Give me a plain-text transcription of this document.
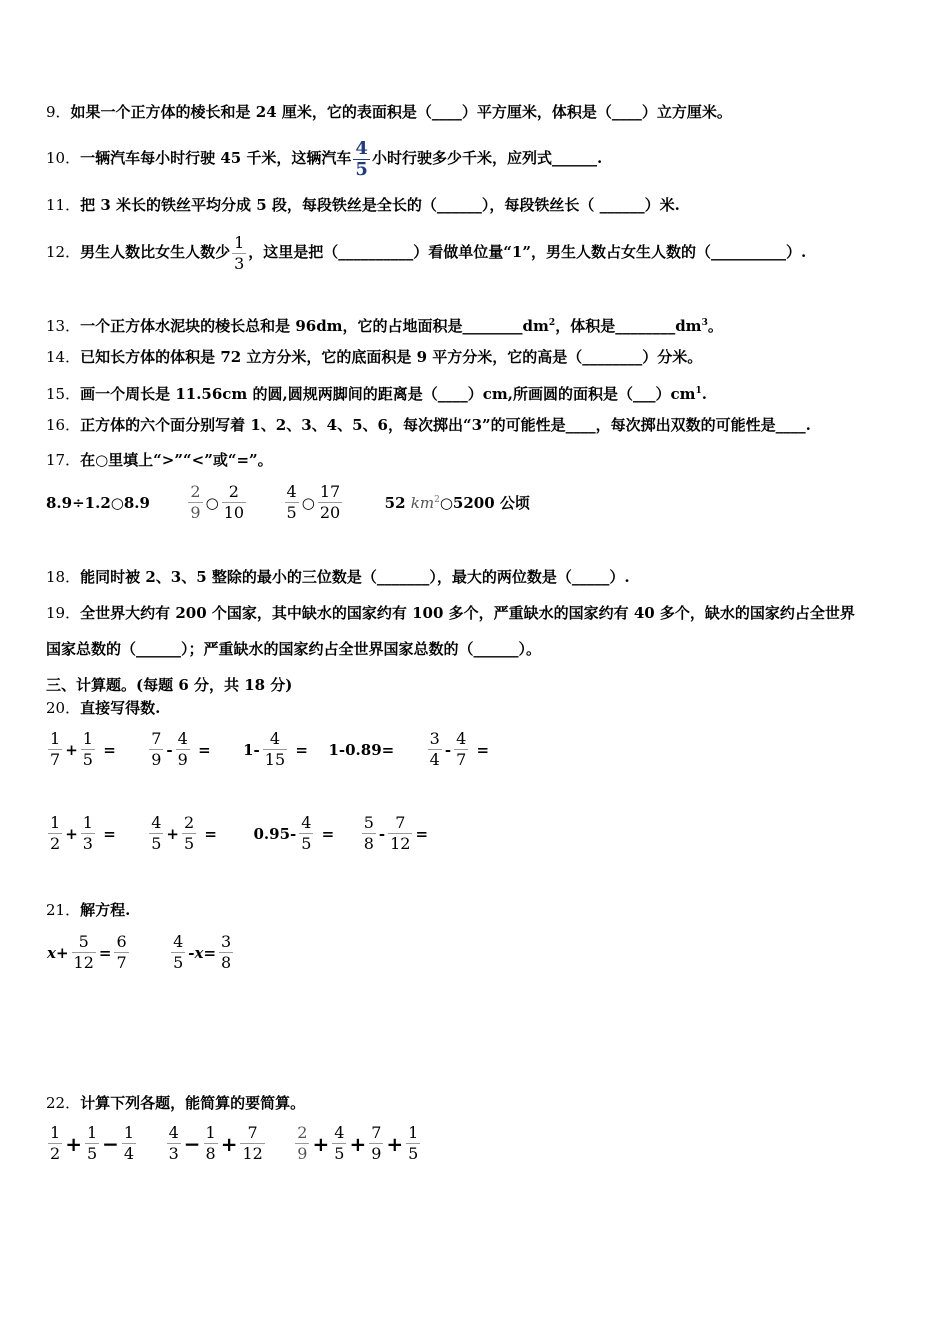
9．如果一个正方体的棱长和是 24 厘米，它的表面积是（____）平方厘米，体积是（____）立方厘米。
10．一辆汽车每小时行驶 45 千米，这辆汽车 $\frac{4}{5}$ 小时行驶多少千米，应列式______.
11．把 3 米长的铁丝平均分成 5 段，每段铁丝是全长的（______），每段铁丝长（ ______）米.
12．男生人数比女生人数少 $\frac{1}{3}$ ，这里是把（__________）看做单位量“1”，男生人数占女生人数的（__________）.
13．一个正方体水泥块的棱长总和是 96dm，它的占地面积是$\_\_\_\_\_\_\_\_dm^2$，体积是$\_\_\_\_\_\_\_\_dm^3$。
14．已知长方体的体积是 72 立方分米，它的底面积是 9 平方分米，它的高是（________）分米。
15．画一个周长是 11.56cm 的圆,圆规两脚间的距离是（____）cm,所画圆的面积是$(\_\_\_)cm^1$.
16．正方体的六个面分别写着 1、2、3、4、5、6，每次掷出“3”的可能性是____，每次掷出双数的可能性是____.
17．在○里填上“>”“<”或“=”。
8.9÷1.2○8.9 $\frac{2}{9}$ ○ $\frac{2}{10}$
$\frac{4}{5}$ ○ $\frac{17}{20}$	52 $km^2○5200$ 公顷
18．能同时被 2、3、5 整除的最小的三位数是（_______），最大的两位数是（_____）.
19．全世界大约有 200 个国家，其中缺水的国家约有 100 多个，严重缺水的国家约有 40 多个，缺水的国家约占全世界
国家总数的（______）；严重缺水的国家约占全世界国家总数的（______）。
三、计算题。(每题 6 分，共 18 分)
20．直接写得数.
$\frac{1}{7} + \frac{1}{5} = \frac{7}{9} - \frac{4}{9} = 1- \frac{4}{15} = 1-0.89= \frac{3}{4} - \frac{4}{7}$ =
$\frac{1}{2} + \frac{1}{3} = \frac{4}{5} + \frac{2}{5} = 0.95- \frac{4}{5} = \frac{5}{8} - \frac{7}{12}$ =
21．解方程.
$x+ \frac{5}{12} = \frac{6}{7}$
	$\frac{4}{5} -x= \frac{3}{8}$
22．计算下列各题，能简算的要简算。
$\frac{1}{2} + \frac{1}{5} - \frac{1}{4}$
$\frac{4}{3} - \frac{1}{8} + \frac{7}{12}$
$\frac{2}{9} + \frac{4}{5} + \frac{7}{9} + \frac{1}{5}$
